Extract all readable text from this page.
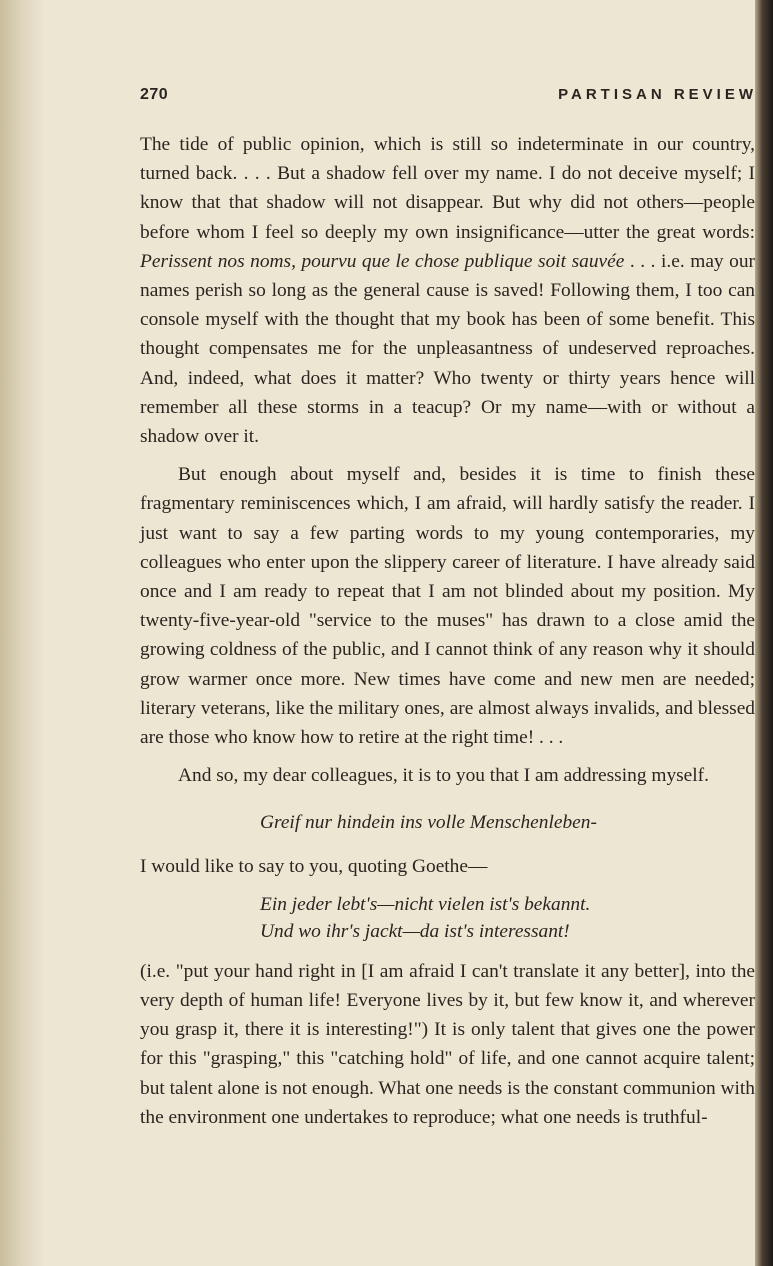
270	PARTISAN REVIEW

The tide of public opinion, which is still so indeterminate in our country, turned back. . . . But a shadow fell over my name. I do not deceive myself; I know that that shadow will not disappear. But why did not others—people before whom I feel so deeply my own insignificance—utter the great words: Perissent nos noms, pourvu que le chose publique soit sauvée . . . i.e. may our names perish so long as the general cause is saved! Following them, I too can console myself with the thought that my book has been of some benefit. This thought compensates me for the unpleasantness of undeserved reproaches. And, indeed, what does it matter? Who twenty or thirty years hence will remember all these storms in a teacup? Or my name—with or without a shadow over it.

But enough about myself and, besides it is time to finish these fragmentary reminiscences which, I am afraid, will hardly satisfy the reader. I just want to say a few parting words to my young contemporaries, my colleagues who enter upon the slippery career of literature. I have already said once and I am ready to repeat that I am not blinded about my position. My twenty-five-year-old "service to the muses" has drawn to a close amid the growing coldness of the public, and I cannot think of any reason why it should grow warmer once more. New times have come and new men are needed; literary veterans, like the military ones, are almost always invalids, and blessed are those who know how to retire at the right time! . . .

And so, my dear colleagues, it is to you that I am addressing myself.

Greif nur hindein ins volle Menschenleben-

I would like to say to you, quoting Goethe—

Ein jeder lebt's—nicht vielen ist's bekannt.
Und wo ihr's jackt—da ist's interessant!

(i.e. "put your hand right in [I am afraid I can't translate it any better], into the very depth of human life! Everyone lives by it, but few know it, and wherever you grasp it, there it is interesting!") It is only talent that gives one the power for this "grasping," this "catching hold" of life, and one cannot acquire talent; but talent alone is not enough. What one needs is the constant communion with the environment one undertakes to reproduce; what one needs is truthful-
